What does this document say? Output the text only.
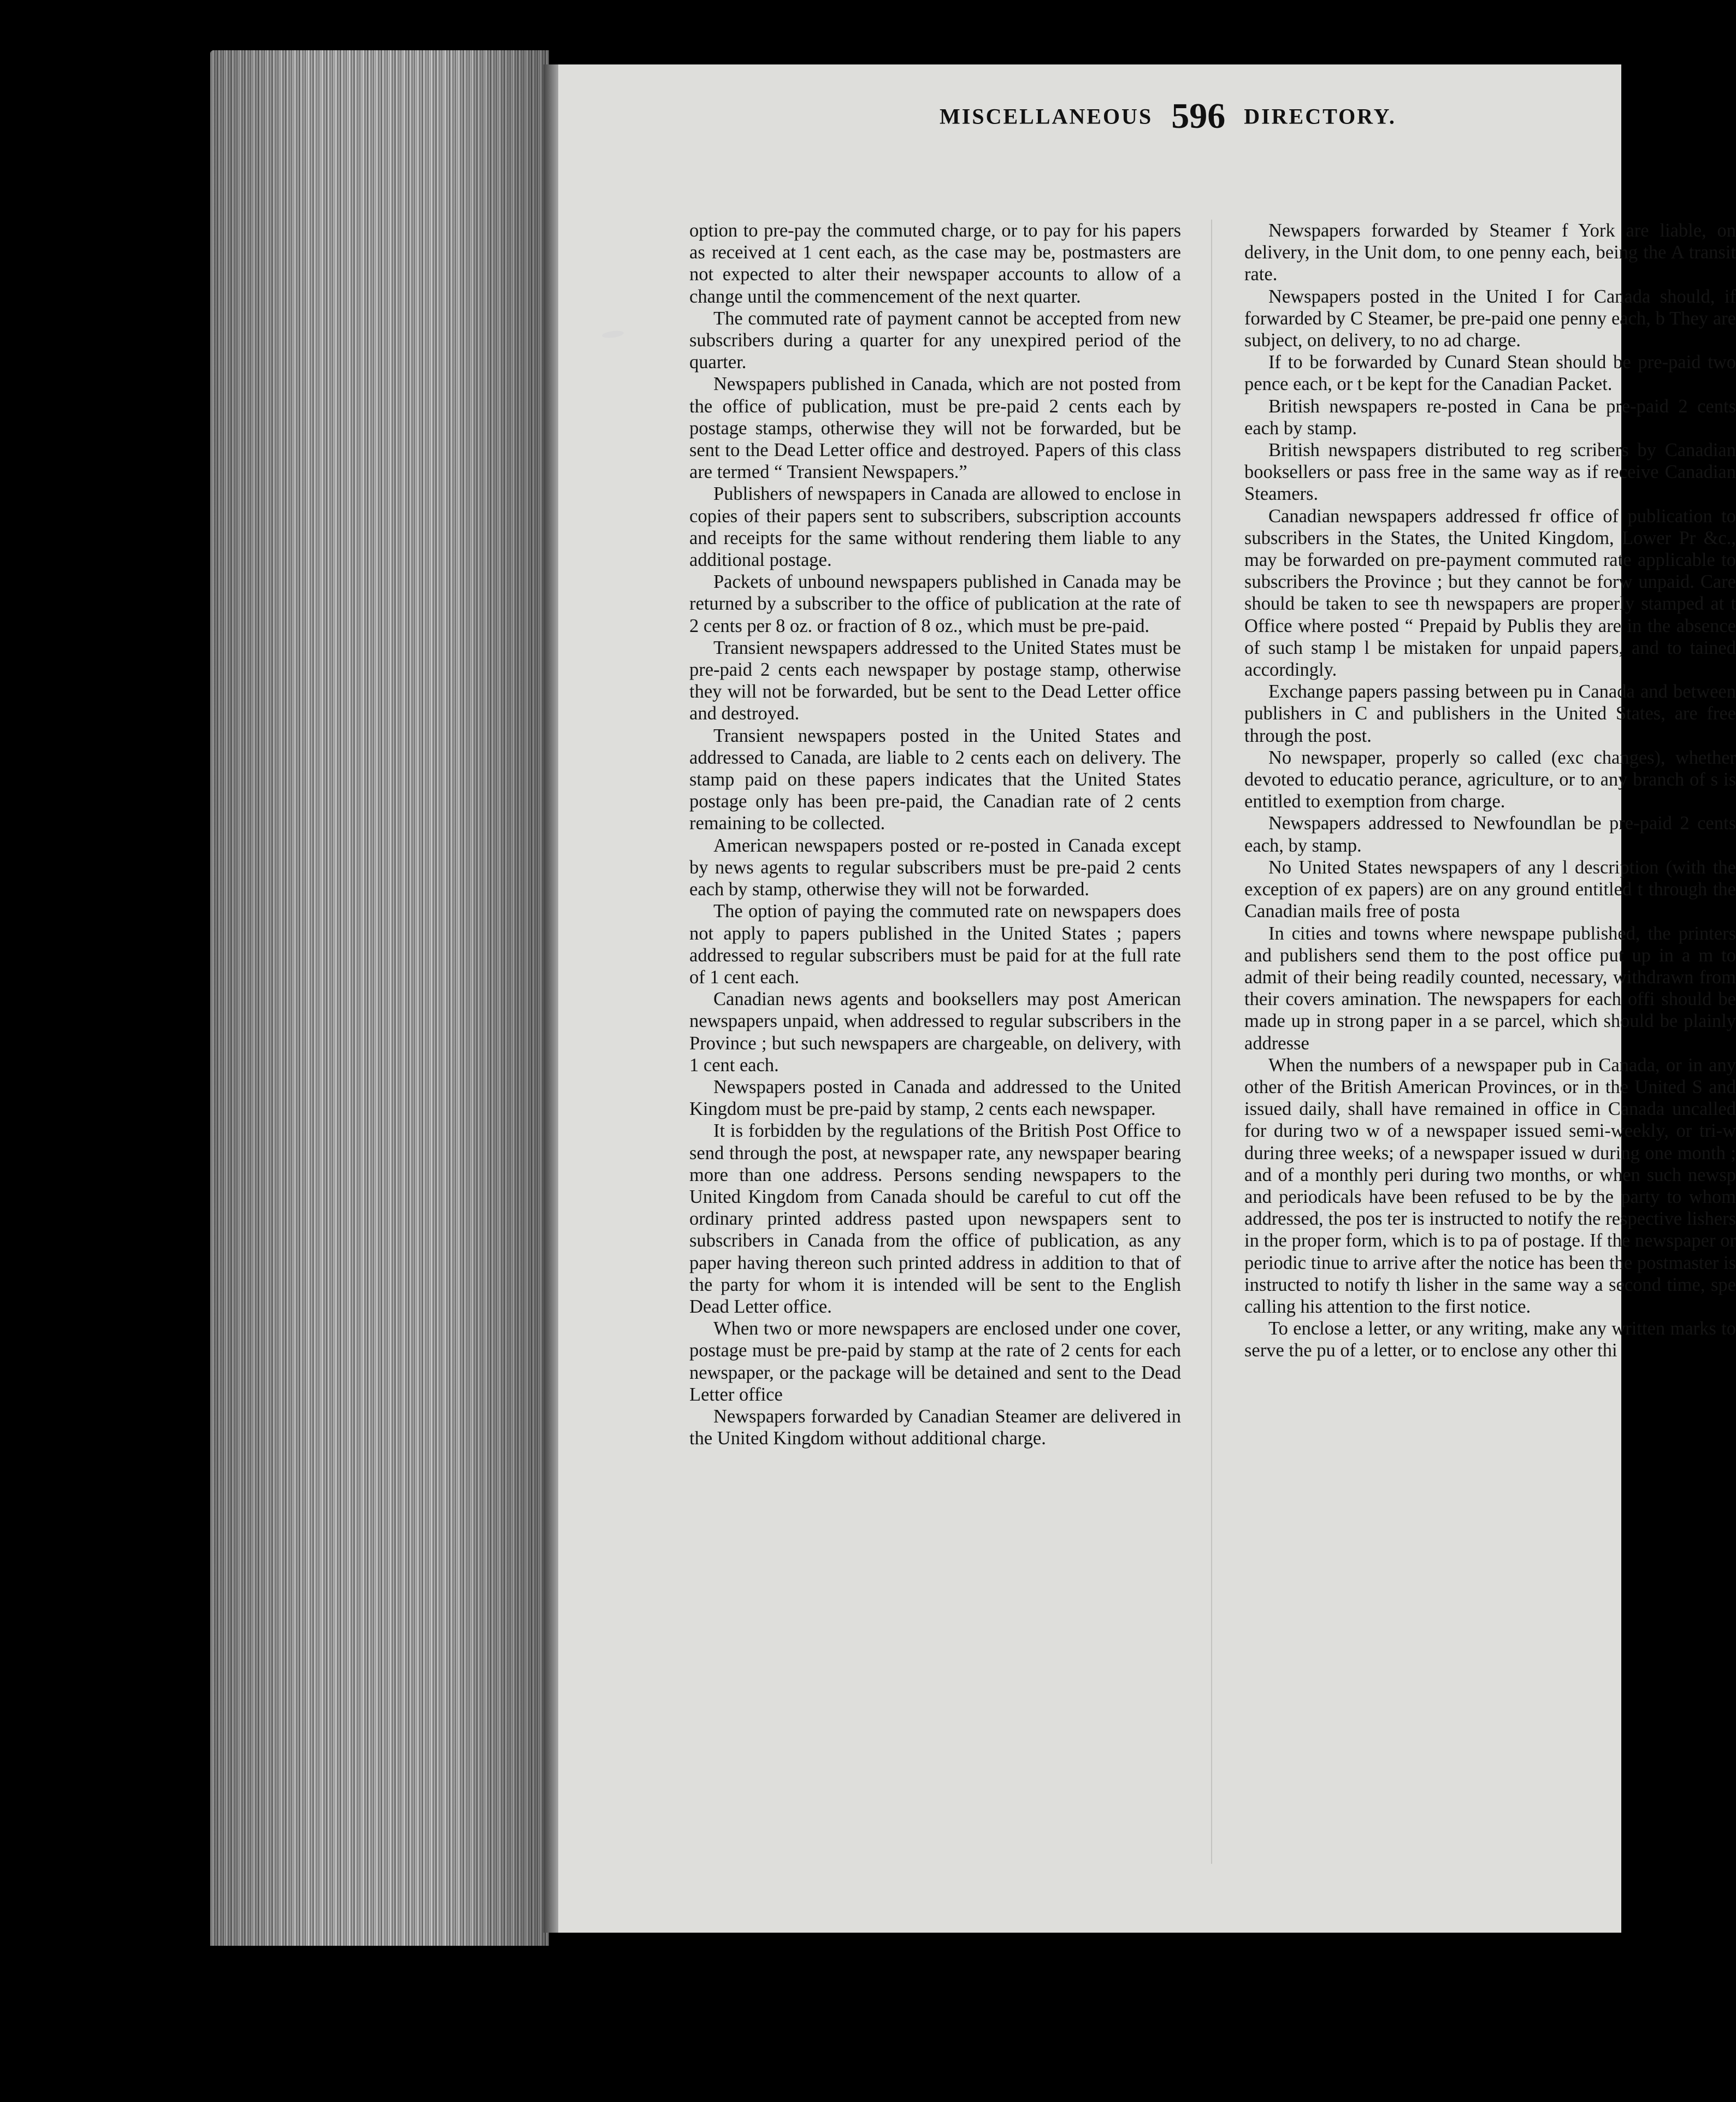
MISCELLANEOUS 596 DIRECTORY.

option to pre-pay the commuted charge, or to pay for his papers as received at 1 cent each, as the case may be, postmasters are not expected to alter their newspaper accounts to allow of a change until the commencement of the next quarter.

The commuted rate of payment cannot be accepted from new subscribers during a quarter for any unexpired period of the quarter.

Newspapers published in Canada, which are not posted from the office of publication, must be pre-paid 2 cents each by postage stamps, otherwise they will not be forwarded, but be sent to the Dead Letter office and destroyed. Papers of this class are termed “ Transient Newspapers.”

Publishers of newspapers in Canada are allowed to enclose in copies of their papers sent to subscribers, subscription accounts and receipts for the same without rendering them liable to any additional postage.

Packets of unbound newspapers published in Canada may be returned by a subscriber to the office of publication at the rate of 2 cents per 8 oz. or fraction of 8 oz., which must be pre-paid.

Transient newspapers addressed to the United States must be pre-paid 2 cents each newspaper by postage stamp, otherwise they will not be forwarded, but be sent to the Dead Letter office and destroyed.

Transient newspapers posted in the United States and addressed to Canada, are liable to 2 cents each on delivery. The stamp paid on these papers indicates that the United States postage only has been pre-paid, the Canadian rate of 2 cents remaining to be collected.

American newspapers posted or re-posted in Canada except by news agents to regular subscribers must be pre-paid 2 cents each by stamp, otherwise they will not be forwarded.

The option of paying the commuted rate on newspapers does not apply to papers published in the United States ; papers addressed to regular subscribers must be paid for at the full rate of 1 cent each.

Canadian news agents and booksellers may post American newspapers unpaid, when addressed to regular subscribers in the Province ; but such newspapers are chargeable, on delivery, with 1 cent each.

Newspapers posted in Canada and addressed to the United Kingdom must be pre-paid by stamp, 2 cents each newspaper.

It is forbidden by the regulations of the British Post Office to send through the post, at newspaper rate, any newspaper bearing more than one address. Persons sending newspapers to the United Kingdom from Canada should be careful to cut off the ordinary printed address pasted upon newspapers sent to subscribers in Canada from the office of publication, as any paper having thereon such printed address in addition to that of the party for whom it is intended will be sent to the English Dead Letter office.

When two or more newspapers are enclosed under one cover, postage must be pre-paid by stamp at the rate of 2 cents for each newspaper, or the package will be detained and sent to the Dead Letter office

Newspapers forwarded by Canadian Steamer are delivered in the United Kingdom without additional charge.

Newspapers forwarded by Steamer f York are liable, on delivery, in the Unit dom, to one penny each, being the A transit rate.

Newspapers posted in the United I for Canada should, if forwarded by C Steamer, be pre-paid one penny each, b They are subject, on delivery, to no ad charge.

If to be forwarded by Cunard Stean should be pre-paid two pence each, or t be kept for the Canadian Packet.

British newspapers re-posted in Cana be pre-paid 2 cents each by stamp.

British newspapers distributed to reg scribers by Canadian booksellers or pass free in the same way as if receive Canadian Steamers.

Canadian newspapers addressed fr office of publication to subscribers in the States, the United Kingdom, Lower Pr &c., may be forwarded on pre-payment commuted rate applicable to subscribers the Province ; but they cannot be forw unpaid. Care should be taken to see th newspapers are properly stamped at t Office where posted “ Prepaid by Publis they are in the absence of such stamp l be mistaken for unpaid papers, and to tained accordingly.

Exchange papers passing between pu in Canada and between publishers in C and publishers in the United States, are free through the post.

No newspaper, properly so called (exc changes), whether devoted to educatio perance, agriculture, or to any branch of s is entitled to exemption from charge.

Newspapers addressed to Newfoundlan be pre-paid 2 cents each, by stamp.

No United States newspapers of any l description (with the exception of ex papers) are on any ground entitled t through the Canadian mails free of posta

In cities and towns where newspape published, the printers and publishers send them to the post office put up in a m to admit of their being readily counted, necessary, withdrawn from their covers amination. The newspapers for each offi should be made up in strong paper in a se parcel, which should be plainly addresse

When the numbers of a newspaper pub in Canada, or in any other of the British American Provinces, or in the United S and issued daily, shall have remained in office in Canada uncalled for during two w of a newspaper issued semi-weekly, or tri-w during three weeks; of a newspaper issued w during one month ; and of a monthly peri during two months, or when such newsp and periodicals have been refused to be by the party to whom addressed, the pos ter is instructed to notify the respective lishers in the proper form, which is to pa of postage. If the newspaper or periodic tinue to arrive after the notice has been the postmaster is instructed to notify th lisher in the same way a second time, spe calling his attention to the first notice.

To enclose a letter, or any writing, make any written marks to serve the pu of a letter, or to enclose any other thi
